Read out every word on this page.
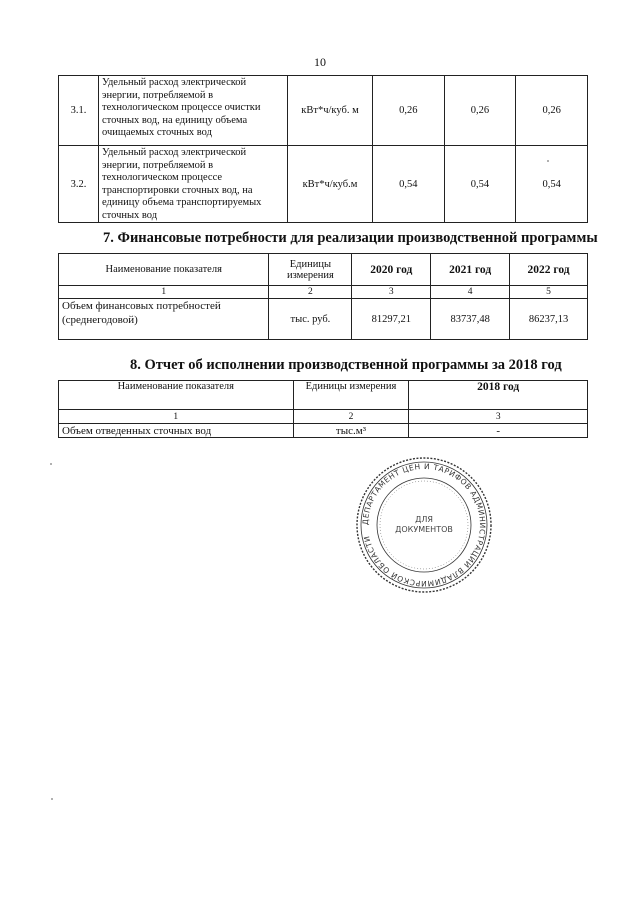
10
3.1.	Удельный расход электрической энергии, потребляемой в технологическом процессе очистки сточных вод, на единицу объема очищаемых сточных вод	кВт*ч/куб. м	0,26	0,26	0,26
3.2.	Удельный расход электрической энергии, потребляемой в технологическом процессе транспортировки сточных вод, на единицу объема транспортируемых сточных вод	кВт*ч/куб.м	0,54	0,54	0,54
7. Финансовые потребности для реализации производственной программы
Наименование показателя	Единицы измерения	2020 год	2021 год	2022 год
1	2	3	4	5
Объем финансовых потребностей (среднегодовой)	тыс. руб.	81297,21	83737,48	86237,13
8. Отчет об исполнении производственной программы за 2018 год
Наименование показателя	Единицы измерения	2018 год
1	2	3
Объем отведенных сточных вод	тыс.м³	-
ДЕПАРТАМЕНТ ЦЕН И ТАРИФОВ АДМИНИСТРАЦИИ ВЛАДИМИРСКОЙ ОБЛАСТИ
ДЛЯ
ДОКУМЕНТОВ
